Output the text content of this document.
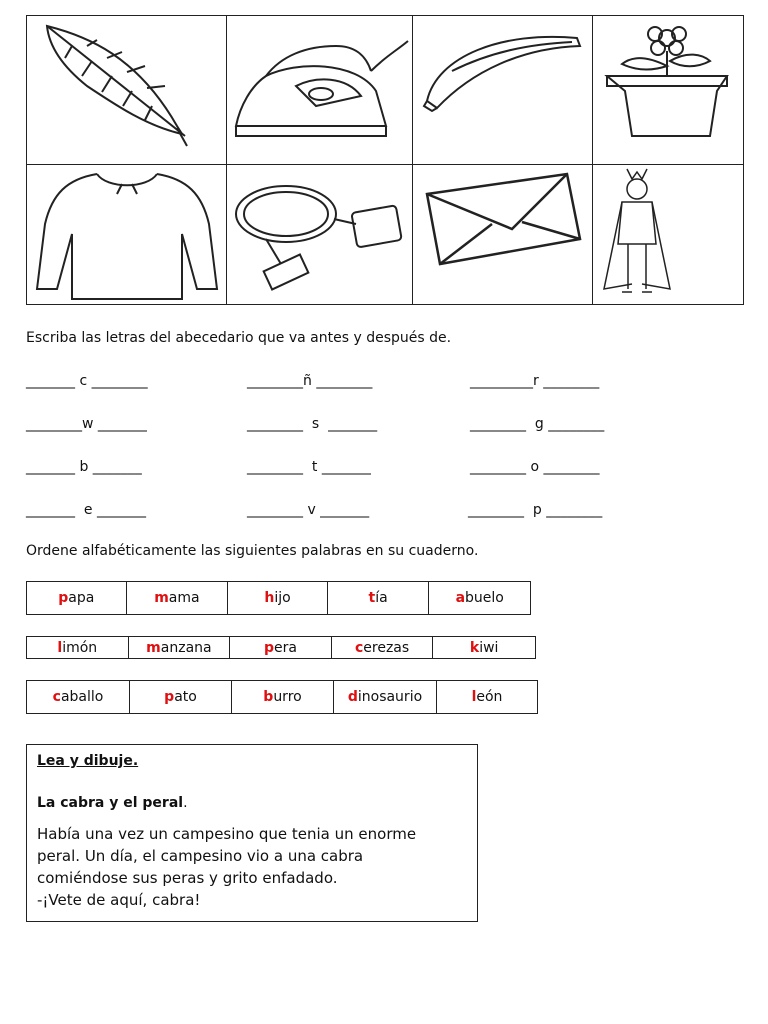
Escriba las letras del abecedario que va antes y después de.
_______ c ________	________ñ ________	_________r ________
________w _______	________  s  _______	________  g ________
_______ b _______	________  t _______	________ o ________
_______  e _______	________ v _______	________  p ________
Ordene alfabéticamente las siguientes palabras en su cuaderno.
p apa	m ama	h ijo	t ía	a buelo
l imón	m anzana	p era	c erezas	k iwi
c aballo	p ato	b urro	d inosaurio	l eón
Lea y dibuje.
La cabra y el peral.
Había una vez un campesino que tenia un enorme
peral. Un día, el campesino vio a una cabra
comiéndose sus peras y grito enfadado.
-¡Vete de aquí, cabra!
